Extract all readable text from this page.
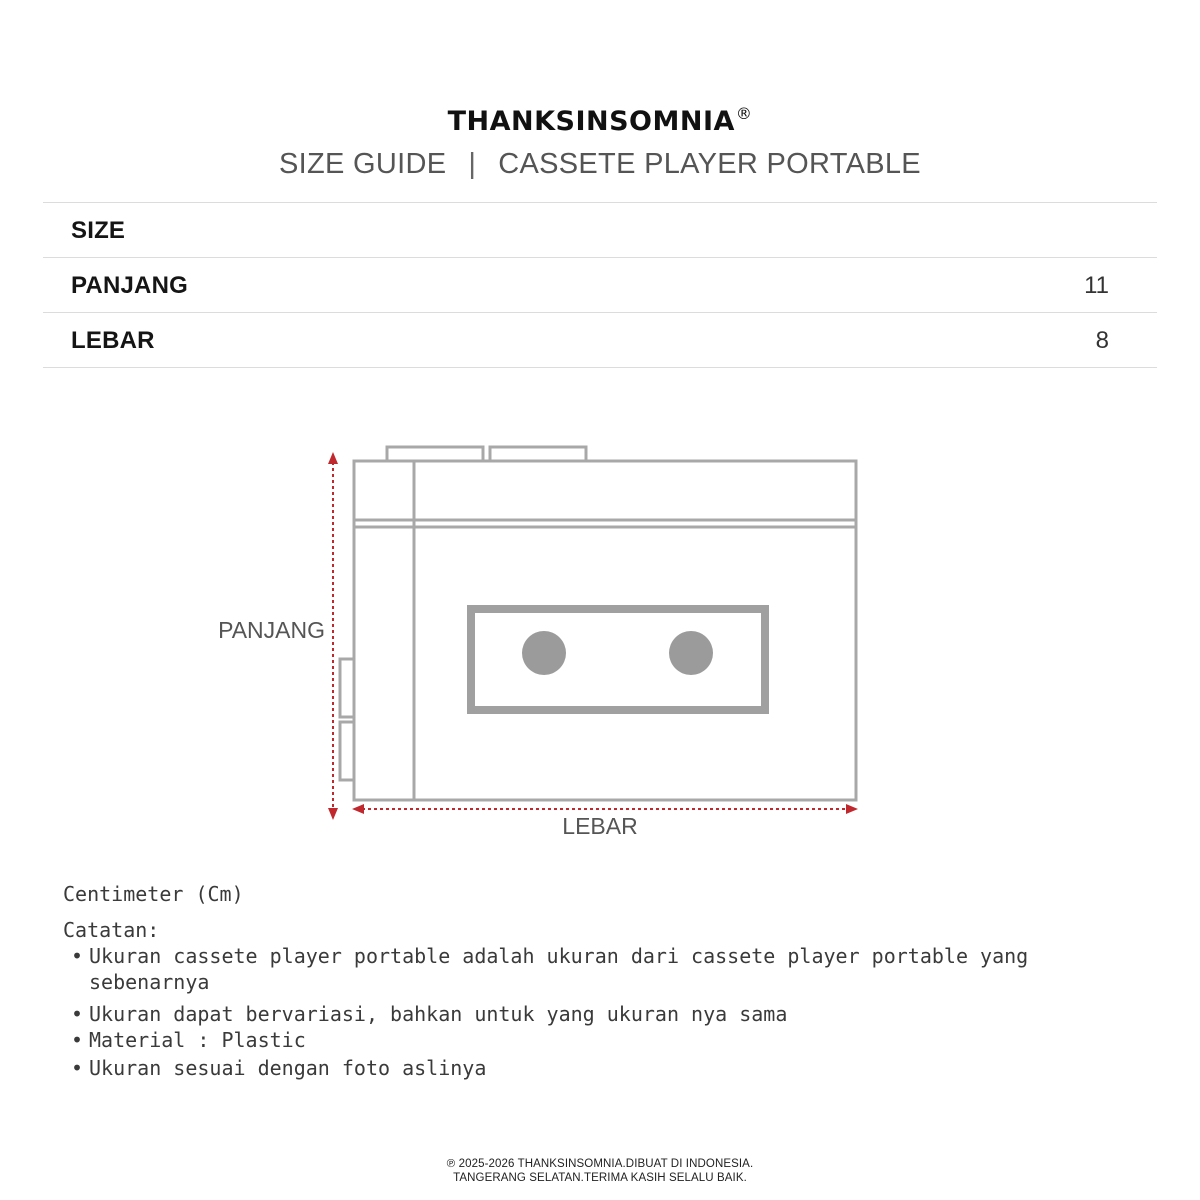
THANKSINSOMNIA®
SIZE GUIDE | CASSETE PLAYER PORTABLE
SIZE
PANJANG	11
LEBAR	8
PANJANG
LEBAR
Centimeter (Cm)
Catatan:
• Ukuran cassete player portable adalah ukuran dari cassete player portable yang sebenarnya
• Ukuran dapat bervariasi, bahkan untuk yang ukuran nya sama
• Material : Plastic
• Ukuran sesuai dengan foto aslinya
℗ 2025-2026 THANKSINSOMNIA.DIBUAT DI INDONESIA.
TANGERANG SELATAN.TERIMA KASIH SELALU BAIK.
